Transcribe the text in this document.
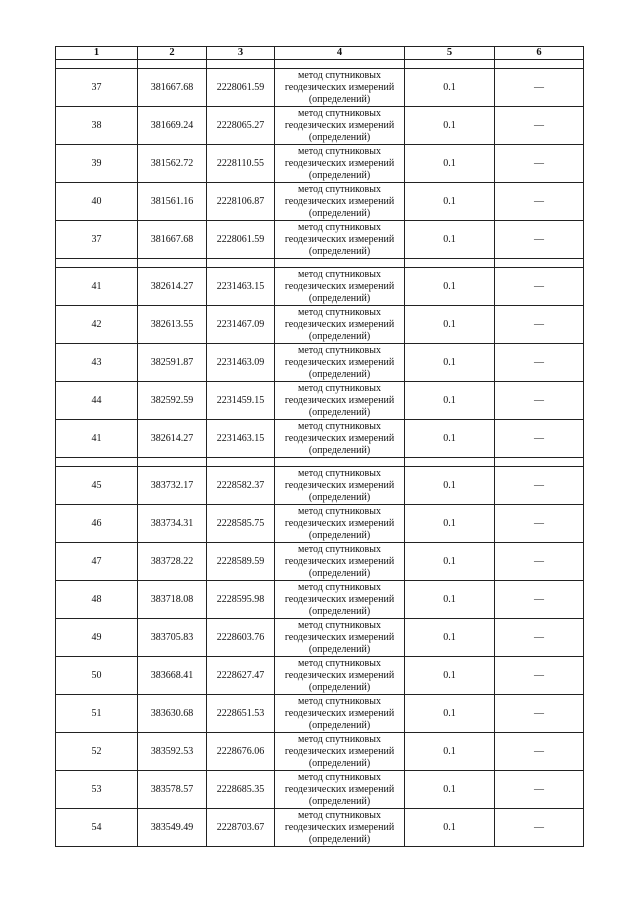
1	2	3	4	5	6

37	381667.68	2228061.59	метод спутниковых
геодезических измерений
(определений)	0.1	—
38	381669.24	2228065.27	метод спутниковых
геодезических измерений
(определений)	0.1	—
39	381562.72	2228110.55	метод спутниковых
геодезических измерений
(определений)	0.1	—
40	381561.16	2228106.87	метод спутниковых
геодезических измерений
(определений)	0.1	—
37	381667.68	2228061.59	метод спутниковых
геодезических измерений
(определений)	0.1	—

41	382614.27	2231463.15	метод спутниковых
геодезических измерений
(определений)	0.1	—
42	382613.55	2231467.09	метод спутниковых
геодезических измерений
(определений)	0.1	—
43	382591.87	2231463.09	метод спутниковых
геодезических измерений
(определений)	0.1	—
44	382592.59	2231459.15	метод спутниковых
геодезических измерений
(определений)	0.1	—
41	382614.27	2231463.15	метод спутниковых
геодезических измерений
(определений)	0.1	—

45	383732.17	2228582.37	метод спутниковых
геодезических измерений
(определений)	0.1	—
46	383734.31	2228585.75	метод спутниковых
геодезических измерений
(определений)	0.1	—
47	383728.22	2228589.59	метод спутниковых
геодезических измерений
(определений)	0.1	—
48	383718.08	2228595.98	метод спутниковых
геодезических измерений
(определений)	0.1	—
49	383705.83	2228603.76	метод спутниковых
геодезических измерений
(определений)	0.1	—
50	383668.41	2228627.47	метод спутниковых
геодезических измерений
(определений)	0.1	—
51	383630.68	2228651.53	метод спутниковых
геодезических измерений
(определений)	0.1	—
52	383592.53	2228676.06	метод спутниковых
геодезических измерений
(определений)	0.1	—
53	383578.57	2228685.35	метод спутниковых
геодезических измерений
(определений)	0.1	—
54	383549.49	2228703.67	метод спутниковых
геодезических измерений
(определений)	0.1	—
